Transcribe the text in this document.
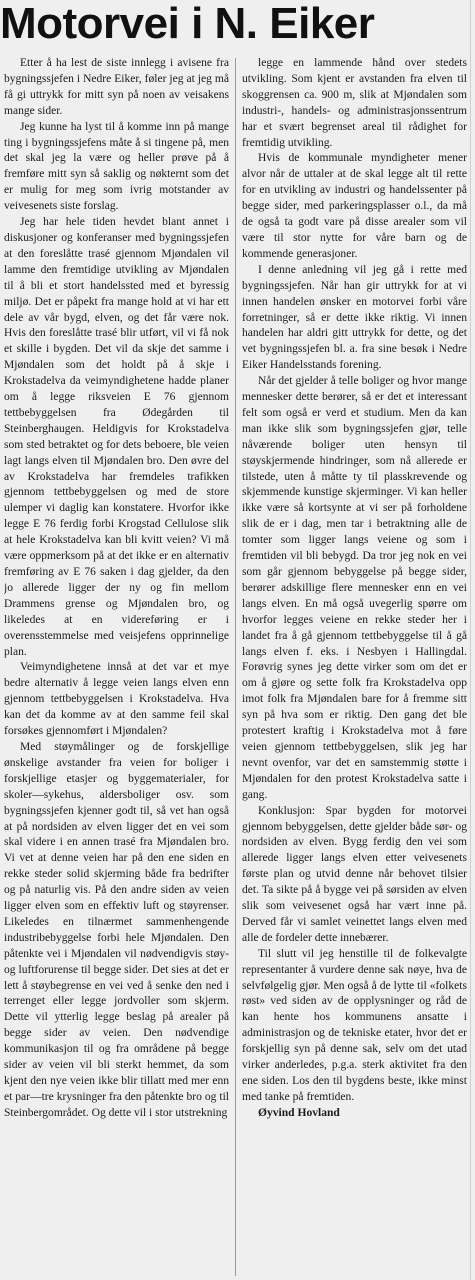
Motorvei i N. Eiker

Etter å ha lest de siste innlegg i avisene fra bygningssjefen i Nedre Eiker, føler jeg at jeg må få gi uttrykk for mitt syn på noen av veisakens mange sider.

Jeg kunne ha lyst til å komme inn på mange ting i bygningssjefens måte å si tingene på, men det skal jeg la være og heller prøve på å fremføre mitt syn så saklig og nøkternt som det er mulig for meg som ivrig motstander av veivesenets siste forslag.

Jeg har hele tiden hevdet blant annet i diskusjoner og konferanser med bygningssjefen at den foreslåtte trasé gjennom Mjøndalen vil lamme den fremtidige utvikling av Mjøndalen til å bli et stort handelssted med et byressig miljø. Det er påpekt fra mange hold at vi har ett dele av vår bygd, elven, og det får være nok. Hvis den foreslåtte trasé blir utført, vil vi få nok et skille i bygden. Det vil da skje det samme i Mjøndalen som det holdt på å skje i Krokstadelva da veimyndighetene hadde planer om å legge riksveien E 76 gjennom tettbebyggelsen fra Ødegården til Steinberghaugen. Heldigvis for Krokstadelva som sted betraktet og for dets beboere, ble veien lagt langs elven til Mjøndalen bro. Den øvre del av Krokstadelva har fremdeles trafikken gjennom tettbebyggelsen og med de store ulemper vi daglig kan konstatere. Hvorfor ikke legge E 76 ferdig forbi Krogstad Cellulose slik at hele Krokstadelva kan bli kvitt veien? Vi må være oppmerksom på at det ikke er en alternativ fremføring av E 76 saken i dag gjelder, da den jo allerede ligger der ny og fin mellom Drammens grense og Mjøndalen bro, og likeledes at en videreføring er i overensstemmelse med veisjefens opprinnelige plan.

Veimyndighetene innså at det var et mye bedre alternativ å legge veien langs elven enn gjennom tettbebyggelsen i Krokstadelva. Hva kan det da komme av at den samme feil skal forsøkes gjennomført i Mjøndalen?

Med støymålinger og de forskjellige ønskelige avstander fra veien for boliger i forskjellige etasjer og byggematerialer, for skoler—sykehus, aldersboliger osv. som bygningssjefen kjenner godt til, så vet han også at på nordsiden av elven ligger det en vei som skal videre i en annen trasé fra Mjøndalen bro. Vi vet at denne veien har på den ene siden en rekke steder solid skjerming både fra bedrifter og på naturlig vis. På den andre siden av veien ligger elven som en effektiv luft og støyrenser. Likeledes en tilnærmet sammenhengende industribebyggelse forbi hele Mjøndalen. Den påtenkte vei i Mjøndalen vil nødvendigvis støy- og luftforurense til begge sider. Det sies at det er lett å støybegrense en vei ved å senke den ned i terrenget eller legge jordvoller som skjerm. Dette vil ytterlig legge beslag på arealer på begge sider av veien. Den nødvendige kommunikasjon til og fra områdene på begge sider av veien vil bli sterkt hemmet, da som kjent den nye veien ikke blir tillatt med mer enn et par—tre krysninger fra den påtenkte bro og til Steinbergområdet. Og dette vil i stor utstrekning

legge en lammende hånd over stedets utvikling. Som kjent er avstanden fra elven til skoggrensen ca. 900 m, slik at Mjøndalen som industri-, handels- og administrasjonssentrum har et svært begrenset areal til rådighet for fremtidig utvikling.

Hvis de kommunale myndigheter mener alvor når de uttaler at de skal legge alt til rette for en utvikling av industri og handelssenter på begge sider, med parkeringsplasser o.l., da må de også ta godt vare på disse arealer som vil være til stor nytte for våre barn og de kommende generasjoner.

I denne anledning vil jeg gå i rette med bygningssjefen. Når han gir uttrykk for at vi innen handelen ønsker en motorvei forbi våre forretninger, så er dette ikke riktig. Vi innen handelen har aldri gitt uttrykk for dette, og det vet bygningssjefen bl. a. fra sine besøk i Nedre Eiker Handelsstands forening.

Når det gjelder å telle boliger og hvor mange mennesker dette berører, så er det et interessant felt som også er verd et studium. Men da kan man ikke slik som bygningssjefen gjør, telle nåværende boliger uten hensyn til støyskjermende hindringer, som nå allerede er tilstede, uten å måtte ty til plasskrevende og skjemmende kunstige skjerminger. Vi kan heller ikke være så kortsynte at vi ser på forholdene slik de er i dag, men tar i betraktning alle de tomter som ligger langs veiene og som i fremtiden vil bli bebygd. Da tror jeg nok en vei som går gjennom bebyggelse på begge sider, berører adskillige flere mennesker enn en vei langs elven. En må også uvegerlig spørre om hvorfor legges veiene en rekke steder her i landet fra å gå gjennom tettbebyggelse til å gå langs elven f. eks. i Nesbyen i Hallingdal. Forøvrig synes jeg dette virker som om det er om å gjøre og sette folk fra Krokstadelva opp imot folk fra Mjøndalen bare for å fremme sitt syn på hva som er riktig. Den gang det ble protestert kraftig i Krokstadelva mot å føre veien gjennom tettbebyggelsen, slik jeg har nevnt ovenfor, var det en samstemmig støtte i Mjøndalen for den protest Krokstadelva satte i gang.

Konklusjon: Spar bygden for motorvei gjennom bebyggelsen, dette gjelder både sør- og nordsiden av elven. Bygg ferdig den vei som allerede ligger langs elven etter veivesenets første plan og utvid denne når behovet tilsier det. Ta sikte på å bygge vei på sørsiden av elven slik som veivesenet også har vært inne på. Derved får vi samlet veinettet langs elven med alle de fordeler dette innebærer.

Til slutt vil jeg henstille til de folkevalgte representanter å vurdere denne sak nøye, hva de selvfølgelig gjør. Men også å de lytte til «folkets røst» ved siden av de opplysninger og råd de kan hente hos kommunens ansatte i administrasjon og de tekniske etater, hvor det er forskjellig syn på denne sak, selv om det utad virker anderledes, p.g.a. sterk aktivitet fra den ene siden. Los den til bygdens beste, ikke minst med tanke på fremtiden.

Øyvind Hovland
